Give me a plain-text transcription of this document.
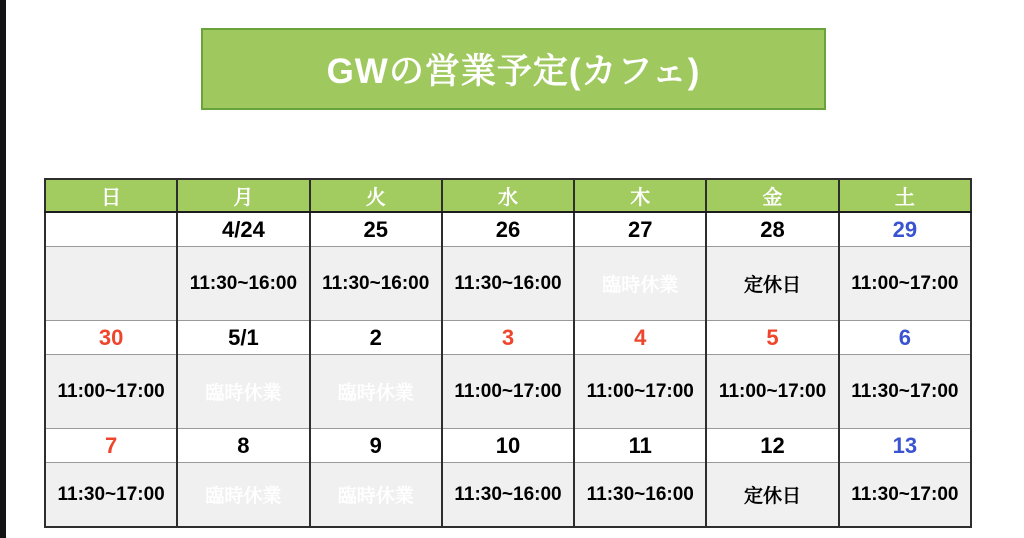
GWの営業予定(カフェ)
日	月	火	水	木	金	土
	4/24	25	26	27	28	29
	11:30~16:00	11:30~16:00	11:30~16:00	臨時休業	定休日	11:00~17:00
30	5/1	2	3	4	5	6
11:00~17:00	臨時休業	臨時休業	11:00~17:00	11:00~17:00	11:00~17:00	11:30~17:00
7	8	9	10	11	12	13
11:30~17:00	臨時休業	臨時休業	11:30~16:00	11:30~16:00	定休日	11:30~17:00
